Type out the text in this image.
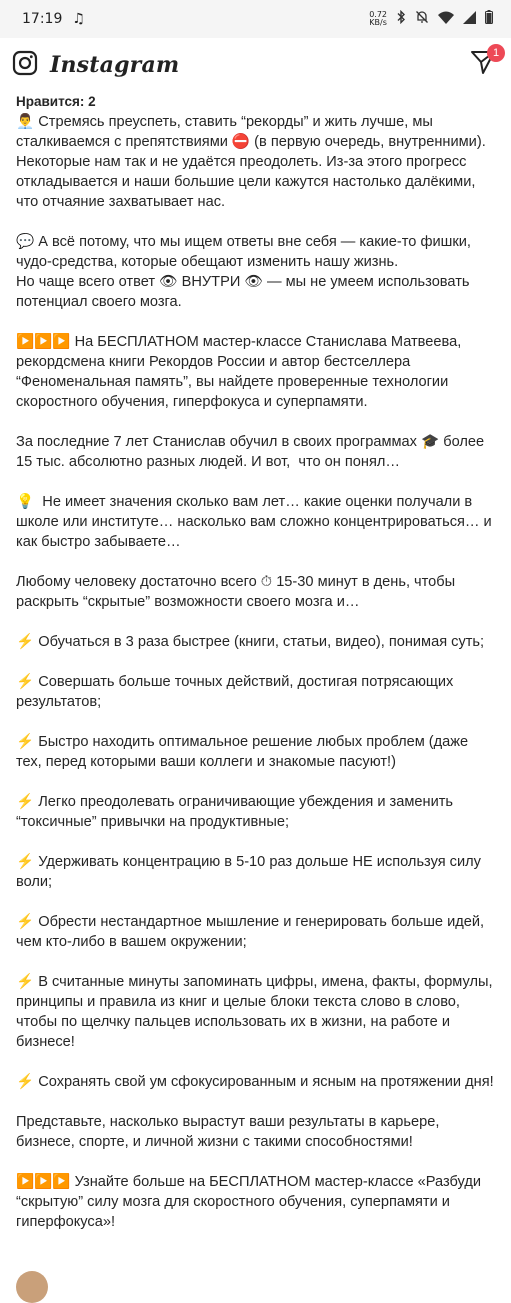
17:19 ♫	0.72
KB/s
Instagram	1

Нравится: 2

👨‍💼 Стремясь преуспеть, ставить “рекорды” и жить лучше, мы сталкиваемся с препятствиями ⛔ (в первую очередь, внутренними). Некоторые нам так и не удаётся преодолеть. Из-за этого прогресс откладывается и наши большие цели кажутся настолько далёкими, что отчаяние захватывает нас.

💬 А всё потому, что мы ищем ответы вне себя — какие-то фишки, чудо-средства, которые обещают изменить нашу жизнь.
Но чаще всего ответ 👁 ВНУТРИ 👁 — мы не умеем использовать потенциал своего мозга.

▶️▶️▶️ На БЕСПЛАТНОМ мастер-классе Станислава Матвеева, рекордсмена книги Рекордов России и автор бестселлера “Феноменальная память”, вы найдете проверенные технологии скоростного обучения, гиперфокуса и суперпамяти.

За последние 7 лет Станислав обучил в своих программах 🎓 более 15 тыс. абсолютно разных людей. И вот,  что он понял…

💡  Не имеет значения сколько вам лет… какие оценки получали в школе или институте… насколько вам сложно концентрироваться… и как быстро забываете…

Любому человеку достаточно всего ⏱ 15-30 минут в день, чтобы раскрыть “скрытые” возможности своего мозга и…

⚡ Обучаться в 3 раза быстрее (книги, статьи, видео), понимая суть;

⚡ Совершать больше точных действий, достигая потрясающих результатов;

⚡ Быстро находить оптимальное решение любых проблем (даже тех, перед которыми ваши коллеги и знакомые пасуют!)

⚡ Легко преодолевать ограничивающие убеждения и заменить “токсичные” привычки на продуктивные;

⚡ Удерживать концентрацию в 5-10 раз дольше НЕ используя силу воли;

⚡ Обрести нестандартное мышление и генерировать больше идей, чем кто-либо в вашем окружении;

⚡ В считанные минуты запоминать цифры, имена, факты, формулы, принципы и правила из книг и целые блоки текста слово в слово, чтобы по щелчку пальцев использовать их в жизни, на работе и бизнесе!

⚡ Сохранять свой ум сфокусированным и ясным на протяжении дня!

Представьте, насколько вырастут ваши результаты в карьере, бизнесе, спорте, и личной жизни с такими способностями!

▶️▶️▶️ Узнайте больше на БЕСПЛАТНОМ мастер-классе «Разбуди “скрытую” силу мозга для скоростного обучения, суперпамяти и гиперфокуса»!
